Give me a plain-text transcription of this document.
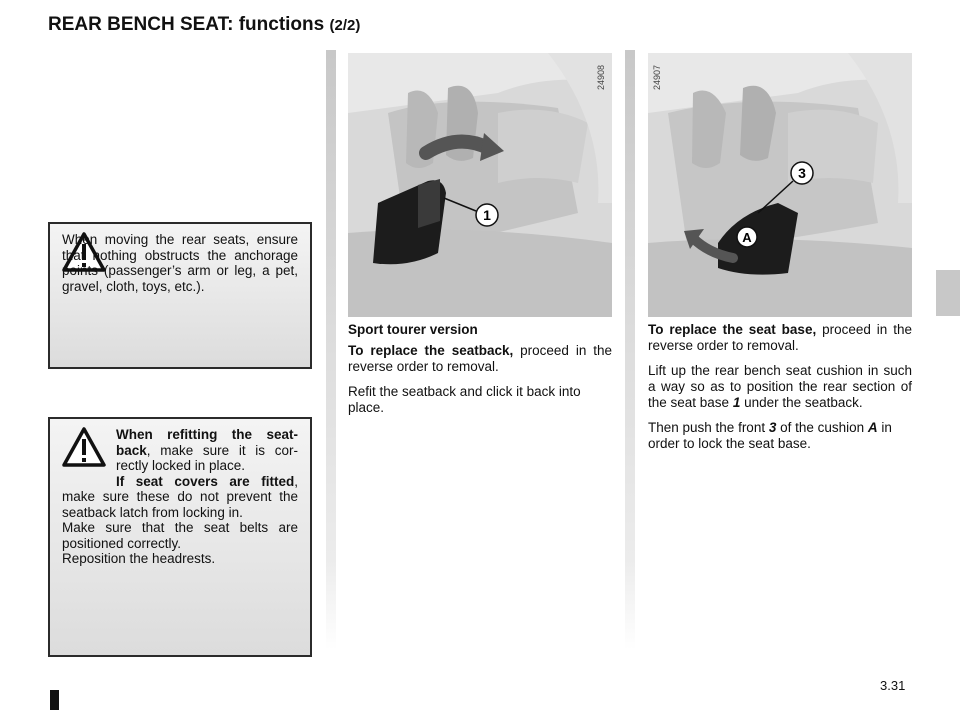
REAR BENCH SEAT: functions (2/2)
When moving the rear seats, ensure that nothing obstructs the anchorage points (passenger’s arm or leg, a pet, gravel, cloth, toys, etc.).
When refitting the seat-back, make sure it is cor-rectly locked in place.
If seat covers are fitted, make sure these do not prevent the seatback latch from locking in.
Make sure that the seat belts are positioned correctly.
Reposition the headrests.
1
24908
3
A
24907

Sport tourer version

To replace the seatback, proceed in the reverse order to removal.

Refit the seatback and click it back into place.

To replace the seat base, proceed in the reverse order to removal.

Lift up the rear bench seat cushion in such a way so as to position the rear section of the seat base 1 under the seatback.

Then push the front 3 of the cushion A in order to lock the seat base.

3.31
